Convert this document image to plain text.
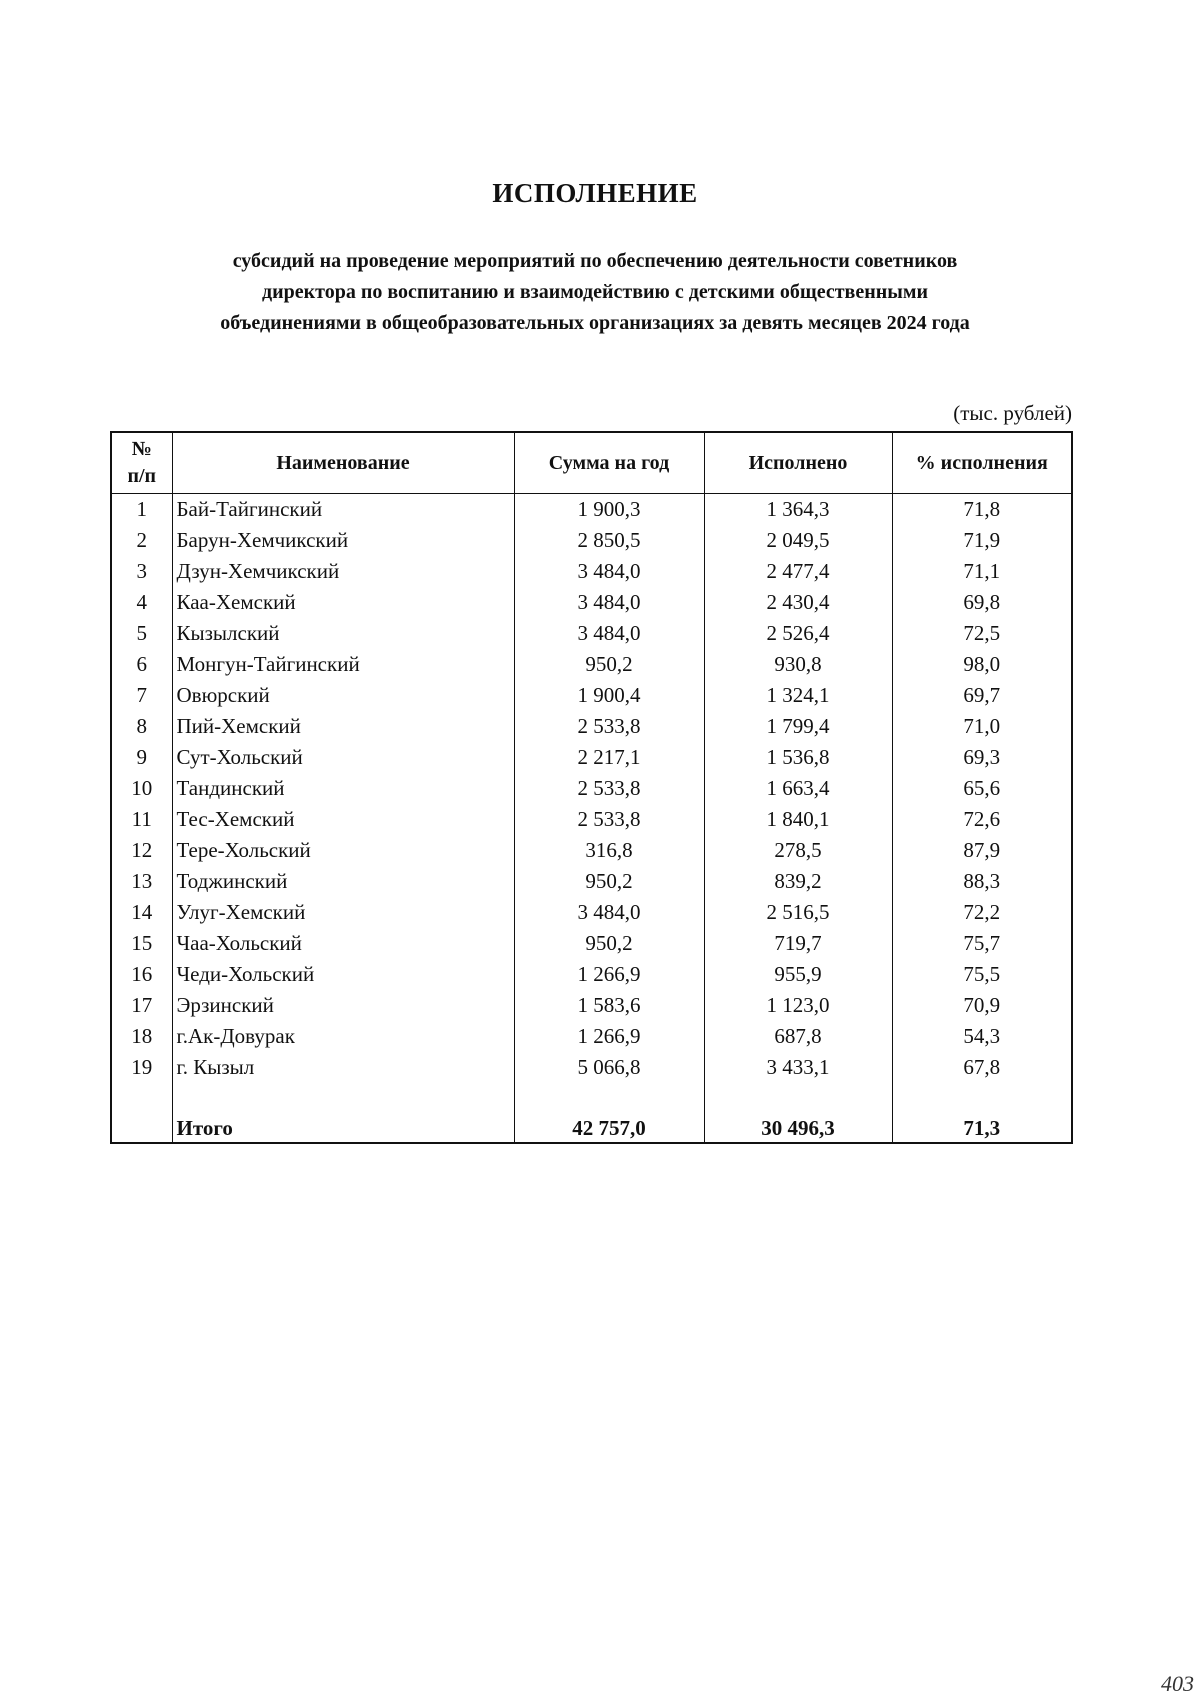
ИСПОЛНЕНИЕ
субсидий на проведение мероприятий по обеспечению деятельности советников
директора по воспитанию и взаимодействию с детскими общественными
объединениями в общеобразовательных организациях за девять месяцев 2024 года
(тыс. рублей)
№
п/п	Наименование	Сумма на год	Исполнено	% исполнения
1	Бай-Тайгинский	1 900,3	1 364,3	71,8
2	Барун-Хемчикский	2 850,5	2 049,5	71,9
3	Дзун-Хемчикский	3 484,0	2 477,4	71,1
4	Каа-Хемский	3 484,0	2 430,4	69,8
5	Кызылский	3 484,0	2 526,4	72,5
6	Монгун-Тайгинский	950,2	930,8	98,0
7	Овюрский	1 900,4	1 324,1	69,7
8	Пий-Хемский	2 533,8	1 799,4	71,0
9	Сут-Хольский	2 217,1	1 536,8	69,3
10	Тандинский	2 533,8	1 663,4	65,6
11	Тес-Хемский	2 533,8	1 840,1	72,6
12	Тере-Хольский	316,8	278,5	87,9
13	Тоджинский	950,2	839,2	88,3
14	Улуг-Хемский	3 484,0	2 516,5	72,2
15	Чаа-Хольский	950,2	719,7	75,7
16	Чеди-Хольский	1 266,9	955,9	75,5
17	Эрзинский	1 583,6	1 123,0	70,9
18	г.Ак-Довурак	1 266,9	687,8	54,3
19	г. Кызыл	5 066,8	3 433,1	67,8

	Итого	42 757,0	30 496,3	71,3
403
